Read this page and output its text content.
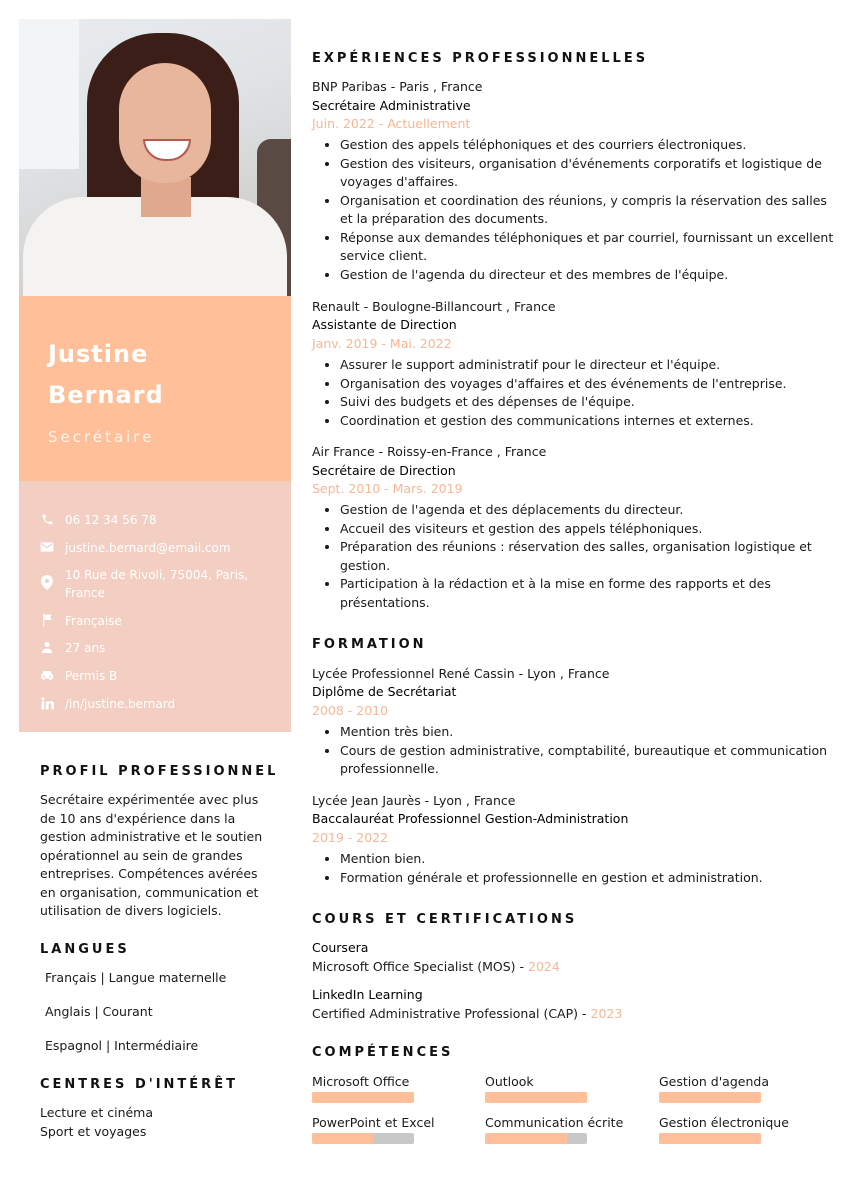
Justine
Bernard
Secrétaire
06 12 34 56 78
justine.bernard@email.com
10 Rue de Rivoli, 75004, Paris, France
Française
27 ans
Permis B
/in/justine.bernard
PROFIL PROFESSIONNEL
Secrétaire expérimentée avec plus de 10 ans d'expérience dans la gestion administrative et le soutien opérationnel au sein de grandes entreprises. Compétences avérées en organisation, communication et utilisation de divers logiciels.
LANGUES
Français | Langue maternelle
Anglais | Courant
Espagnol | Intermédiaire
CENTRES D'INTÉRÊT
Lecture et cinéma
Sport et voyages
EXPÉRIENCES PROFESSIONNELLES
BNP Paribas - Paris , France
Secrétaire Administrative
Juin. 2022 - Actuellement
• Gestion des appels téléphoniques et des courriers électroniques.
• Gestion des visiteurs, organisation d'événements corporatifs et logistique de voyages d'affaires.
• Organisation et coordination des réunions, y compris la réservation des salles et la préparation des documents.
• Réponse aux demandes téléphoniques et par courriel, fournissant un excellent service client.
• Gestion de l'agenda du directeur et des membres de l'équipe.
Renault - Boulogne-Billancourt , France
Assistante de Direction
Janv. 2019 - Mai. 2022
• Assurer le support administratif pour le directeur et l'équipe.
• Organisation des voyages d'affaires et des événements de l'entreprise.
• Suivi des budgets et des dépenses de l'équipe.
• Coordination et gestion des communications internes et externes.
Air France - Roissy-en-France , France
Secrétaire de Direction
Sept. 2010 - Mars. 2019
• Gestion de l'agenda et des déplacements du directeur.
• Accueil des visiteurs et gestion des appels téléphoniques.
• Préparation des réunions : réservation des salles, organisation logistique et gestion.
• Participation à la rédaction et à la mise en forme des rapports et des présentations.
FORMATION
Lycée Professionnel René Cassin - Lyon , France
Diplôme de Secrétariat
2008 - 2010
• Mention très bien.
• Cours de gestion administrative, comptabilité, bureautique et communication professionnelle.
Lycée Jean Jaurès - Lyon , France
Baccalauréat Professionnel Gestion-Administration
2019 - 2022
• Mention bien.
• Formation générale et professionnelle en gestion et administration.
COURS ET CERTIFICATIONS
Coursera
Microsoft Office Specialist (MOS) - 2024
LinkedIn Learning
Certified Administrative Professional (CAP) - 2023
COMPÉTENCES
Microsoft Office	Outlook	Gestion d'agenda
PowerPoint et Excel	Communication écrite	Gestion électronique
